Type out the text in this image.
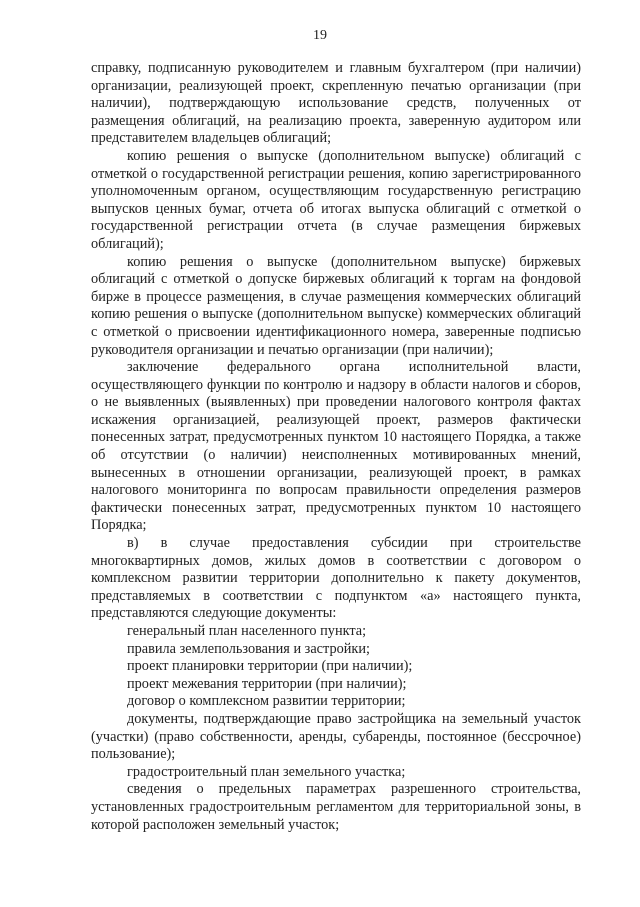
19

справку, подписанную руководителем и главным бухгалтером (при наличии) организации, реализующей проект, скрепленную печатью организации (при наличии), подтверждающую использование средств, полученных от размещения облигаций, на реализацию проекта, заверенную аудитором или представителем владельцев облигаций;

копию решения о выпуске (дополнительном выпуске) облигаций с отметкой о государственной регистрации решения, копию зарегистрированного уполномоченным органом, осуществляющим государственную регистрацию выпусков ценных бумаг, отчета об итогах выпуска облигаций с отметкой о государственной регистрации отчета (в случае размещения биржевых облигаций);

копию решения о выпуске (дополнительном выпуске) биржевых облигаций с отметкой о допуске биржевых облигаций к торгам на фондовой бирже в процессе размещения, в случае размещения коммерческих облигаций копию решения о выпуске (дополнительном выпуске) коммерческих облигаций с отметкой о присвоении идентификационного номера, заверенные подписью руководителя организации и печатью организации (при наличии);

заключение федерального органа исполнительной власти, осуществляющего функции по контролю и надзору в области налогов и сборов, о не выявленных (выявленных) при проведении налогового контроля фактах искажения организацией, реализующей проект, размеров фактически понесенных затрат, предусмотренных пунктом 10 настоящего Порядка, а также об отсутствии (о наличии) неисполненных мотивированных мнений, вынесенных в отношении организации, реализующей проект, в рамках налогового мониторинга по вопросам правильности определения размеров фактически понесенных затрат, предусмотренных пунктом 10 настоящего Порядка;

в) в случае предоставления субсидии при строительстве многоквартирных домов, жилых домов в соответствии с договором о комплексном развитии территории дополнительно к пакету документов, представляемых в соответствии с подпунктом «а» настоящего пункта, представляются следующие документы:

генеральный план населенного пункта;

правила землепользования и застройки;

проект планировки территории (при наличии);

проект межевания территории (при наличии);

договор о комплексном развитии территории;

документы, подтверждающие право застройщика на земельный участок (участки) (право собственности, аренды, субаренды, постоянное (бессрочное) пользование);

градостроительный план земельного участка;

сведения о предельных параметрах разрешенного строительства, установленных градостроительным регламентом для территориальной зоны, в которой расположен земельный участок;
